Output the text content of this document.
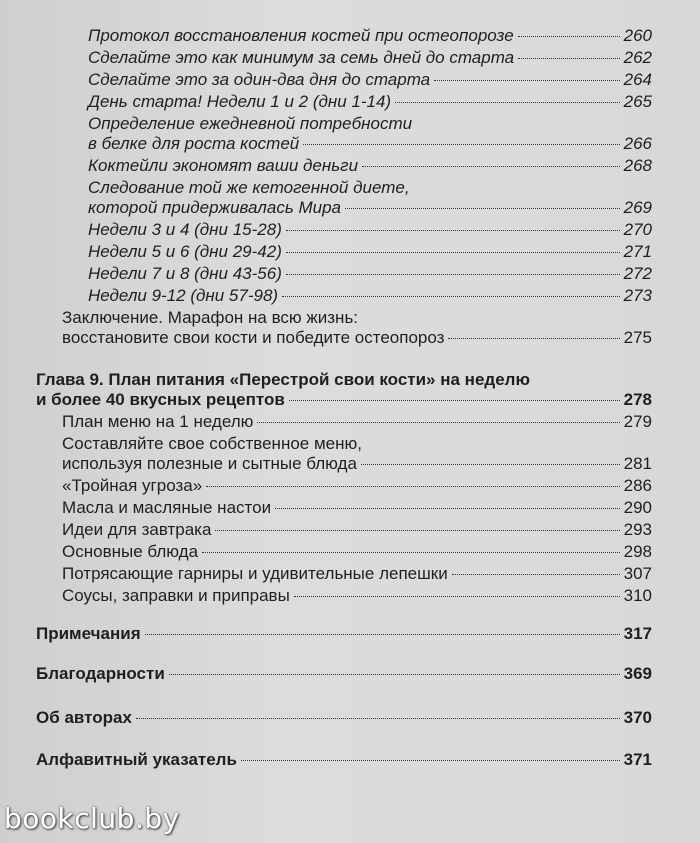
Протокол восстановления костей при остеопорозе	260
Сделайте это как минимум за семь дней до старта	262
Сделайте это за один-два дня до старта	264
День старта! Недели 1 и 2 (дни 1-14)	265
Определение ежедневной потребности
в белке для роста костей	266
Коктейли экономят ваши деньги	268
Следование той же кетогенной диете,
которой придерживалась Мира	269
Недели 3 и 4 (дни 15-28)	270
Недели 5 и 6 (дни 29-42)	271
Недели 7 и 8 (дни 43-56)	272
Недели 9-12 (дни 57-98)	273
Заключение. Марафон на всю жизнь:
восстановите свои кости и победите остеопороз	275
Глава 9. План питания «Перестрой свои кости» на неделю
и более 40 вкусных рецептов	278
План меню на 1 неделю	279
Составляйте свое собственное меню,
используя полезные и сытные блюда	281
«Тройная угроза»	286
Масла и масляные настои	290
Идеи для завтрака	293
Основные блюда	298
Потрясающие гарниры и удивительные лепешки	307
Соусы, заправки и приправы	310
Примечания	317
Благодарности	369
Об авторах	370
Алфавитный указатель	371
bookclub.by
